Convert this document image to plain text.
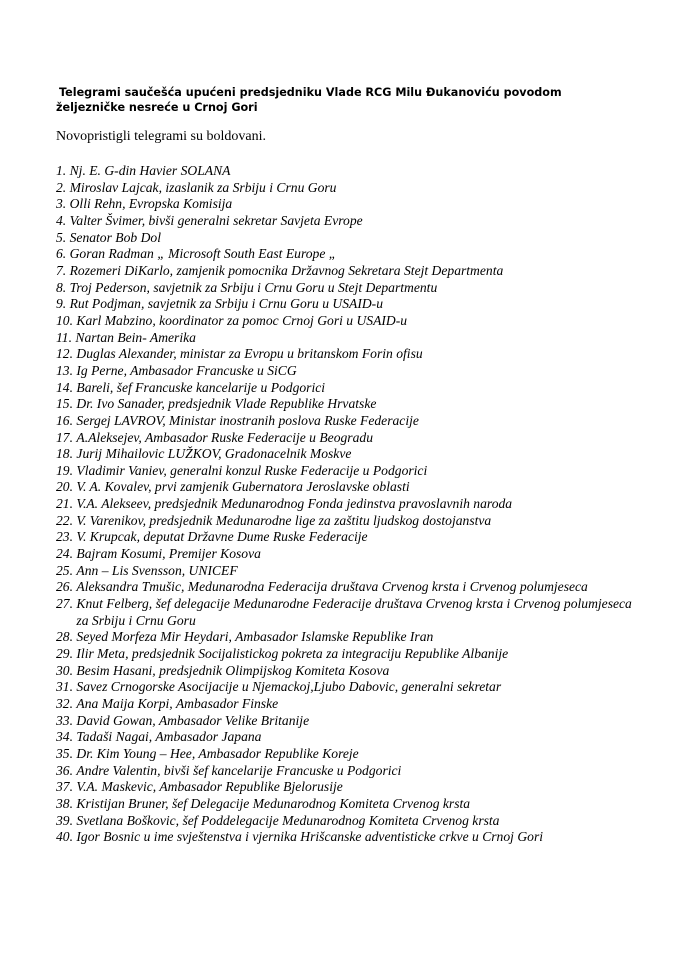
Telegrami saučešća upućeni predsjedniku Vlade RCG Milu Đukanoviću povodom željezničke nesreće u Crnoj Gori

Novopristigli telegrami su boldovani.

1. Nj. E. G-din Havier SOLANA
2. Miroslav Lajcak, izaslanik za Srbiju i Crnu Goru
3. Olli Rehn, Evropska Komisija
4. Valter Švimer, bivši generalni sekretar Savjeta Evrope
5. Senator Bob Dol
6. Goran Radman „ Microsoft South East Europe „
7. Rozemeri DiKarlo, zamjenik pomocnika Državnog Sekretara Stejt Departmenta
8. Troj Pederson, savjetnik za Srbiju i Crnu Goru u Stejt Departmentu
9. Rut Podjman, savjetnik za Srbiju i Crnu Goru u USAID-u
10. Karl Mabzino, koordinator za pomoc Crnoj Gori u USAID-u
11. Nartan Bein- Amerika
12. Duglas Alexander, ministar za Evropu u britanskom Forin ofisu
13. Ig Perne, Ambasador Francuske u SiCG
14. Bareli, šef Francuske kancelarije u Podgorici
15. Dr. Ivo Sanader, predsjednik Vlade Republike Hrvatske
16. Sergej LAVROV, Ministar inostranih poslova Ruske Federacije
17. A.Aleksejev, Ambasador Ruske Federacije u Beogradu
18. Jurij Mihailovic LUŽKOV, Gradonacelnik Moskve
19. Vladimir Vaniev, generalni konzul Ruske Federacije u Podgorici
20. V. A. Kovalev, prvi zamjenik Gubernatora Jeroslavske oblasti
21. V.A. Alekseev, predsjednik Medunarodnog Fonda jedinstva pravoslavnih naroda
22. V. Varenikov, predsjednik Medunarodne lige za zaštitu ljudskog dostojanstva
23. V. Krupcak, deputat Državne Dume Ruske Federacije
24. Bajram Kosumi, Premijer Kosova
25. Ann – Lis Svensson, UNICEF
26. Aleksandra Tmušic, Medunarodna Federacija društava Crvenog krsta i Crvenog polumjeseca
27. Knut Felberg, šef delegacije Medunarodne Federacije društava Crvenog krsta i Crvenog polumjeseca za Srbiju i Crnu Goru
28. Seyed Morfeza Mir Heydari, Ambasador Islamske Republike Iran
29. Ilir Meta, predsjednik Socijalistickog pokreta za integraciju Republike Albanije
30. Besim Hasani, predsjednik Olimpijskog Komiteta Kosova
31. Savez Crnogorske Asocijacije u Njemackoj,Ljubo Dabovic, generalni sekretar
32. Ana Maija Korpi, Ambasador Finske
33. David Gowan, Ambasador Velike Britanije
34. Tadaši Nagai, Ambasador Japana
35. Dr. Kim Young – Hee, Ambasador Republike Koreje
36. Andre Valentin, bivši šef kancelarije Francuske u Podgorici
37. V.A. Maskevic, Ambasador Republike Bjelorusije
38. Kristijan Bruner, šef Delegacije Medunarodnog Komiteta Crvenog krsta
39. Svetlana Boškovic, šef Poddelegacije Medunarodnog Komiteta Crvenog krsta
40. Igor Bosnic u ime svještenstva i vjernika Hrišcanske adventisticke crkve u Crnoj Gori
